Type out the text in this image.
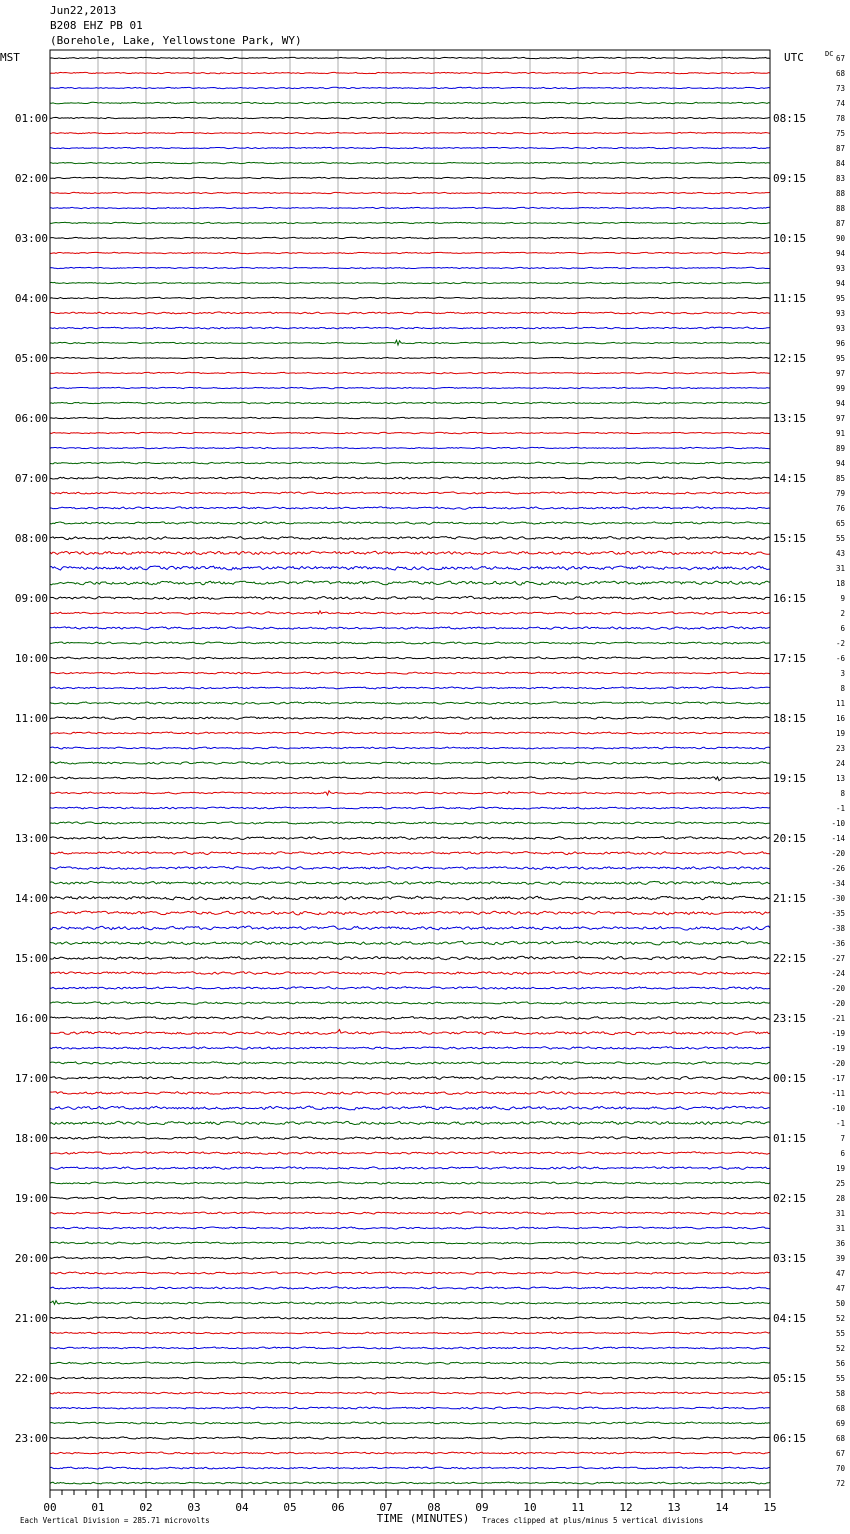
Jun22,2013
B208 EHZ PB 01
(Borehole, Lake, Yellowstone Park, WY)
67
68
73
74
78
75
87
84
83
88
88
87
90
94
93
94
95
93
93
96
95
97
99
94
97
91
89
94
85
79
76
65
55
43
31
18
9
2
6
-2
-6
3
8
11
16
19
23
24
13
8
-1
-10
-14
-20
-26
-34
-30
-35
-38
-36
-27
-24
-20
-20
-21
-19
-19
-20
-17
-11
-10
-1
7
6
19
25
28
31
31
36
39
47
47
50
52
55
52
56
55
58
68
69
68
67
70
72
01:00
02:00
03:00
04:00
05:00
06:00
07:00
08:00
09:00
10:00
11:00
12:00
13:00
14:00
15:00
16:00
17:00
18:00
19:00
20:00
21:00
22:00
23:00
08:15
09:15
10:15
11:15
12:15
13:15
14:15
15:15
16:15
17:15
18:15
19:15
20:15
21:15
22:15
23:15
00:15
01:15
02:15
03:15
04:15
05:15
06:15
MST	UTC	DC
00	01	02	03	04	05	06	07	08	09	10	11	12	13	14	15
TIME (MINUTES)
Each Vertical Division = 285.71 microvolts	Traces clipped at plus/minus 5 vertical divisions
